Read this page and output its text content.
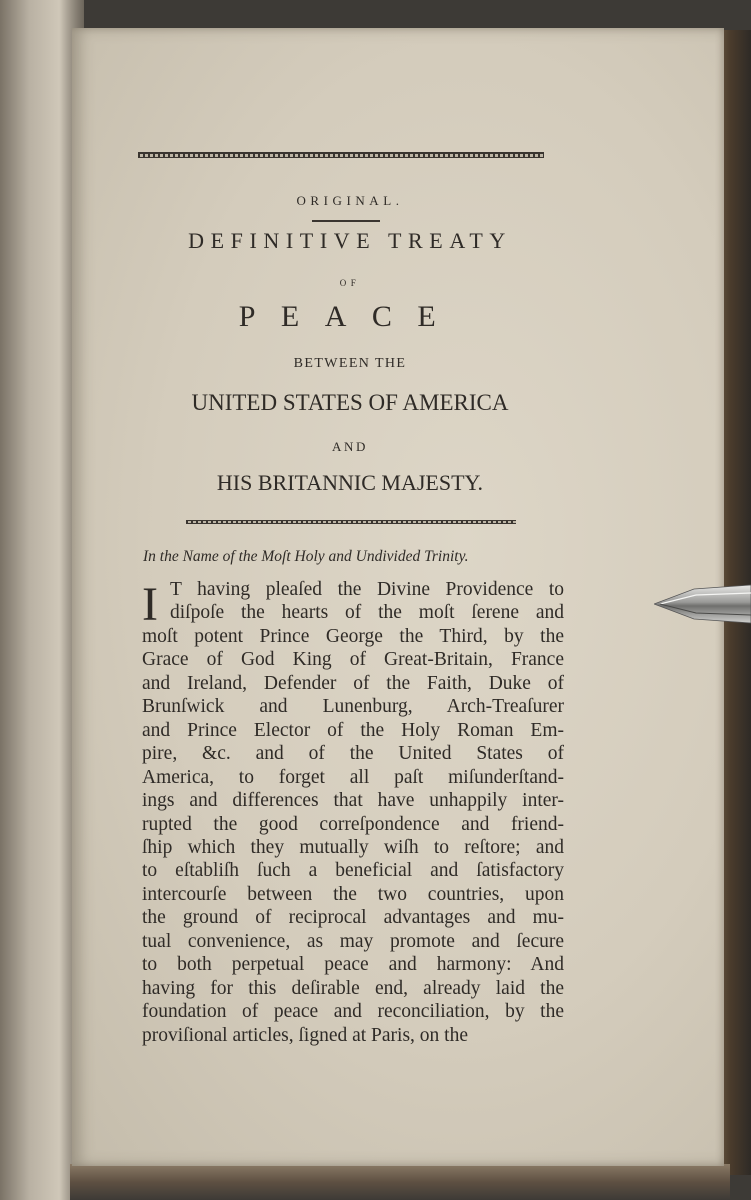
ORIGINAL.
DEFINITIVE TREATY
OF
PEACE
BETWEEN THE
UNITED STATES OF AMERICA
AND
HIS BRITANNIC MAJESTY.
In the Name of the Moſt Holy and Undivided Trinity.
I T having pleaſed the Divine Providence to
diſpoſe the hearts of the moſt ſerene and
moſt potent Prince George the Third, by the
Grace of God King of Great-Britain, France
and Ireland, Defender of the Faith, Duke of
Brunſwick and Lunenburg, Arch-Treaſurer
and Prince Elector of the Holy Roman Em-
pire, &c. and of the United States of
America, to forget all paſt miſunderſtand-
ings and differences that have unhappily inter-
rupted the good correſpondence and friend-
ſhip which they mutually wiſh to reſtore; and
to eſtabliſh ſuch a beneficial and ſatisfactory
intercourſe between the two countries, upon
the ground of reciprocal advantages and mu-
tual convenience, as may promote and ſecure
to both perpetual peace and harmony: And
having for this deſirable end, already laid the
foundation of peace and reconciliation, by the
proviſional articles, ſigned at Paris, on the
